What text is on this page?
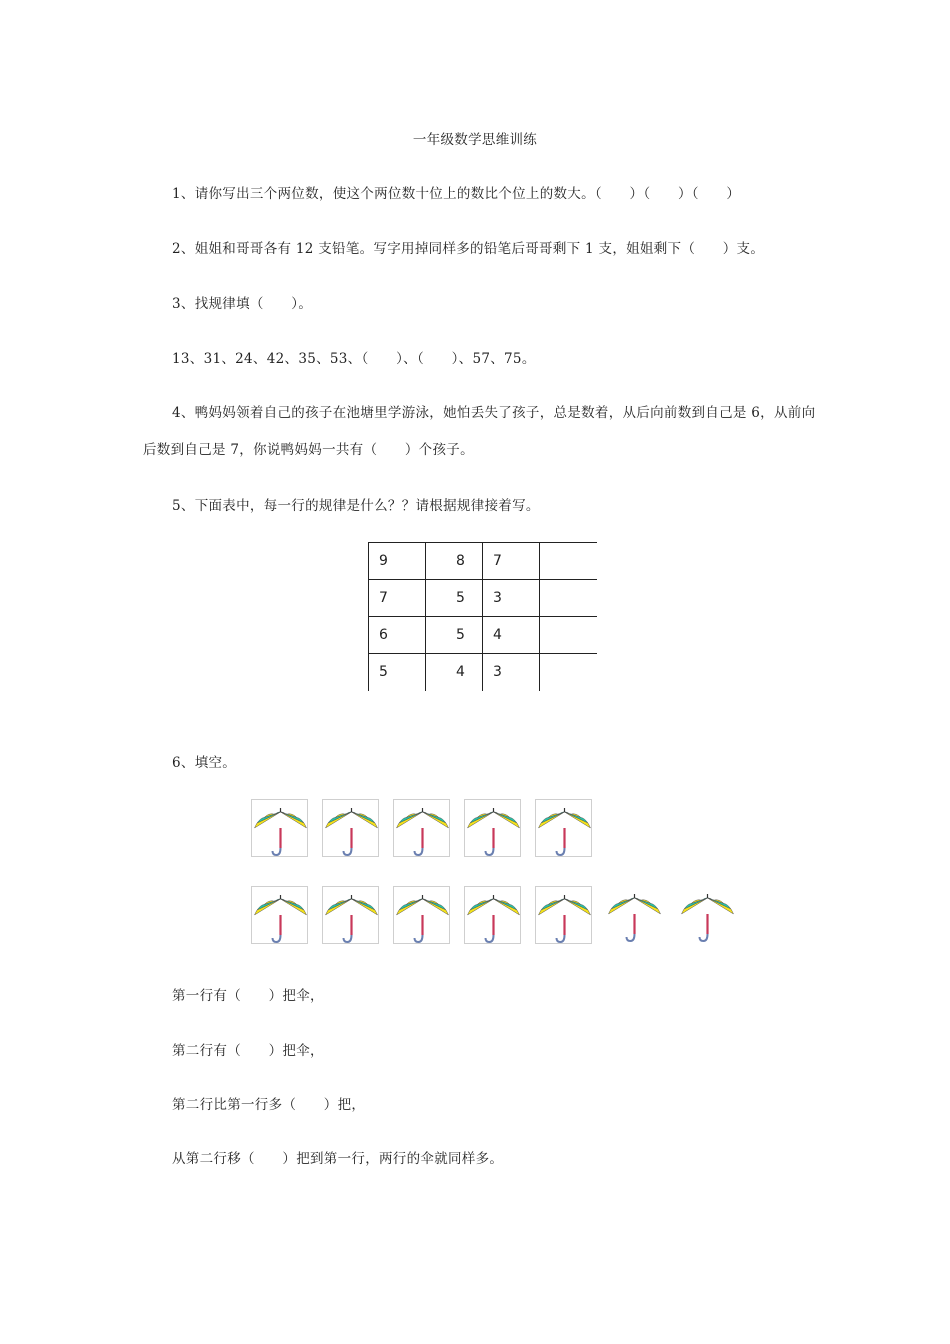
一年级数学思维训练
1、请你写出三个两位数，使这个两位数十位上的数比个位上的数大。（　　）（　　）（　　）
2、姐姐和哥哥各有 12 支铅笔。写字用掉同样多的铅笔后哥哥剩下 1 支，姐姐剩下（　　）支。
3、找规律填（　　）。
13、31、24、42、35、53、（　　）、（　　）、57、75。
4、鸭妈妈领着自己的孩子在池塘里学游泳，她怕丢失了孩子，总是数着，从后向前数到自己是 6，从前向
后数到自己是 7，你说鸭妈妈一共有（　　）个孩子。
5、下面表中，每一行的规律是什么？？请根据规律接着写。
9	8	7	
7	5	3	
6	5	4	
5	4	3	
6、填空。
第一行有（　　）把伞，
第二行有（　　）把伞，
第二行比第一行多（　　）把，
从第二行移（　　）把到第一行，两行的伞就同样多。
